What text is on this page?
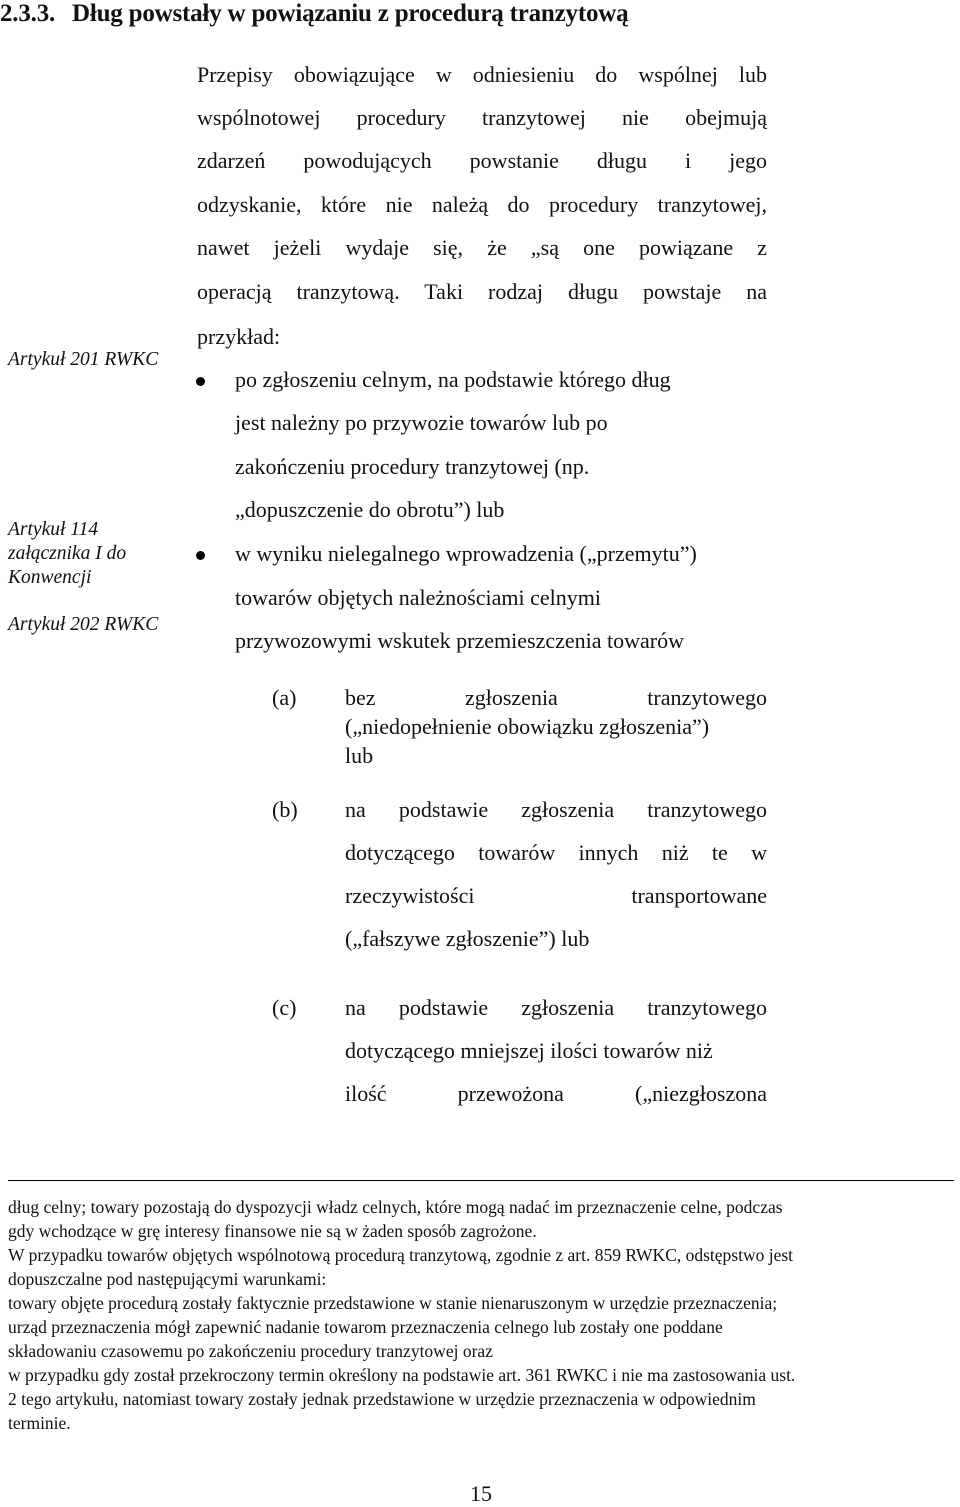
2.3.3. Dług powstały w powiązaniu z procedurą tranzytową
Artykuł 201 RWKC
Artykuł 114
załącznika I do
Konwencji
Artykuł 202 RWKC
Przepisy obowiązujące w odniesieniu do wspólnej lub
wspólnotowej procedury tranzytowej nie obejmują
zdarzeń powodujących powstanie długu i jego
odzyskanie, które nie należą do procedury tranzytowej,
nawet jeżeli wydaje się, że „są one powiązane z
operacją tranzytową. Taki rodzaj długu powstaje na
przykład:
po zgłoszeniu celnym, na podstawie którego dług
jest należny po przywozie towarów lub po
zakończeniu procedury tranzytowej (np.
„dopuszczenie do obrotu”) lub
w wyniku nielegalnego wprowadzenia („przemytu”)
towarów objętych należnościami celnymi
przywozowymi wskutek przemieszczenia towarów
(a) bez zgłoszenia tranzytowego
(„niedopełnienie obowiązku zgłoszenia”)
lub
(b) na podstawie zgłoszenia tranzytowego
dotyczącego towarów innych niż te w
rzeczywistości transportowane
(„fałszywe zgłoszenie”) lub
(c) na podstawie zgłoszenia tranzytowego
dotyczącego mniejszej ilości towarów niż
ilość przewożona („niezgłoszona
dług celny; towary pozostają do dyspozycji władz celnych, które mogą nadać im przeznaczenie celne, podczas
gdy wchodzące w grę interesy finansowe nie są w żaden sposób zagrożone.
W przypadku towarów objętych wspólnotową procedurą tranzytową, zgodnie z art. 859 RWKC, odstępstwo jest
dopuszczalne pod następującymi warunkami:
towary objęte procedurą zostały faktycznie przedstawione w stanie nienaruszonym w urzędzie przeznaczenia;
urząd przeznaczenia mógł zapewnić nadanie towarom przeznaczenia celnego lub zostały one poddane
składowaniu czasowemu po zakończeniu procedury tranzytowej oraz
w przypadku gdy został przekroczony termin określony na podstawie art. 361 RWKC i nie ma zastosowania ust.
2 tego artykułu, natomiast towary zostały jednak przedstawione w urzędzie przeznaczenia w odpowiednim
terminie.
15
